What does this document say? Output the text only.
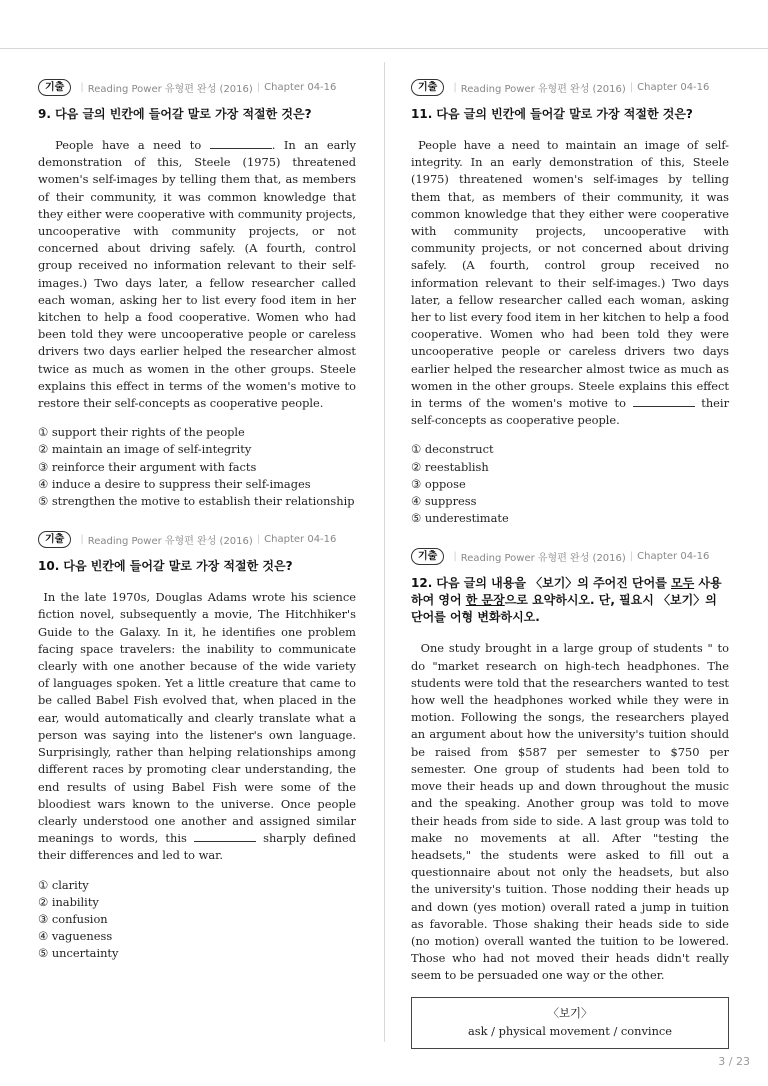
기출	| Reading Power 유형편 완성 (2016) | Chapter 04-16
9. 다음 글의 빈칸에 들어갈 말로 가장 적절한 것은?

People have a need to	. In an early demonstration of this, Steele (1975) threatened women's self-images by telling them that, as members of their community, it was common knowledge that they either were cooperative with community projects, uncooperative with community projects, or not concerned about driving safely. (A fourth, control group received no information relevant to their self-images.) Two days later, a fellow researcher called each woman, asking her to list every food item in her kitchen to help a food cooperative. Women who had been told they were uncooperative people or careless drivers two days earlier helped the researcher almost twice as much as women in the other groups. Steele explains this effect in terms of the women's motive to restore their self-concepts as cooperative people.

① support their rights of the people
② maintain an image of self-integrity
③ reinforce their argument with facts
④ induce a desire to suppress their self-images
⑤ strengthen the motive to establish their relationship
기출	| Reading Power 유형편 완성 (2016) | Chapter 04-16
10. 다음 빈칸에 들어갈 말로 가장 적절한 것은?

In the late 1970s, Douglas Adams wrote his science fiction novel, subsequently a movie, The Hitchhiker's Guide to the Galaxy. In it, he identifies one problem facing space travelers: the inability to communicate clearly with one another because of the wide variety of languages spoken. Yet a little creature that came to be called Babel Fish evolved that, when placed in the ear, would automatically and clearly translate what a person was saying into the listener's own language. Surprisingly, rather than helping relationships among different races by promoting clear understanding, the end results of using Babel Fish were some of the bloodiest wars known to the universe. Once people clearly understood one another and assigned similar meanings to words, this	sharply defined their differences and led to war.

① clarity
② inability
③ confusion
④ vagueness
⑤ uncertainty
기출	| Reading Power 유형편 완성 (2016) | Chapter 04-16
11. 다음 글의 빈칸에 들어갈 말로 가장 적절한 것은?

People have a need to maintain an image of self-integrity. In an early demonstration of this, Steele (1975) threatened women's self-images by telling them that, as members of their community, it was common knowledge that they either were cooperative with community projects, uncooperative with community projects, or not concerned about driving safely. (A fourth, control group received no information relevant to their self-images.) Two days later, a fellow researcher called each woman, asking her to list every food item in her kitchen to help a food cooperative. Women who had been told they were uncooperative people or careless drivers two days earlier helped the researcher almost twice as much as women in the other groups. Steele explains this effect in terms of the women's motive to	their self-concepts as cooperative people.

① deconstruct
② reestablish
③ oppose
④ suppress
⑤ underestimate
기출	| Reading Power 유형편 완성 (2016) | Chapter 04-16
12. 다음 글의 내용을 〈보기〉의 주어진 단어를 모두 사용하여 영어 한 문장으로 요약하시오. 단, 필요시 〈보기〉의 단어를 어형 변화하시오.

One study brought in a large group of students " to do "market research on high-tech headphones. The students were told that the researchers wanted to test how well the headphones worked while they were in motion. Following the songs, the researchers played an argument about how the university's tuition should be raised from $587 per semester to $750 per semester. One group of students had been told to move their heads up and down throughout the music and the speaking. Another group was told to move their heads from side to side. A last group was told to make no movements at all. After "testing the headsets," the students were asked to fill out a questionnaire about not only the headsets, but also the university's tuition. Those nodding their heads up and down (yes motion) overall rated a jump in tuition as favorable. Those shaking their heads side to side (no motion) overall wanted the tuition to be lowered. Those who had not moved their heads didn't really seem to be persuaded one way or the other.

〈보기〉
ask / physical movement / convince
3 / 23
